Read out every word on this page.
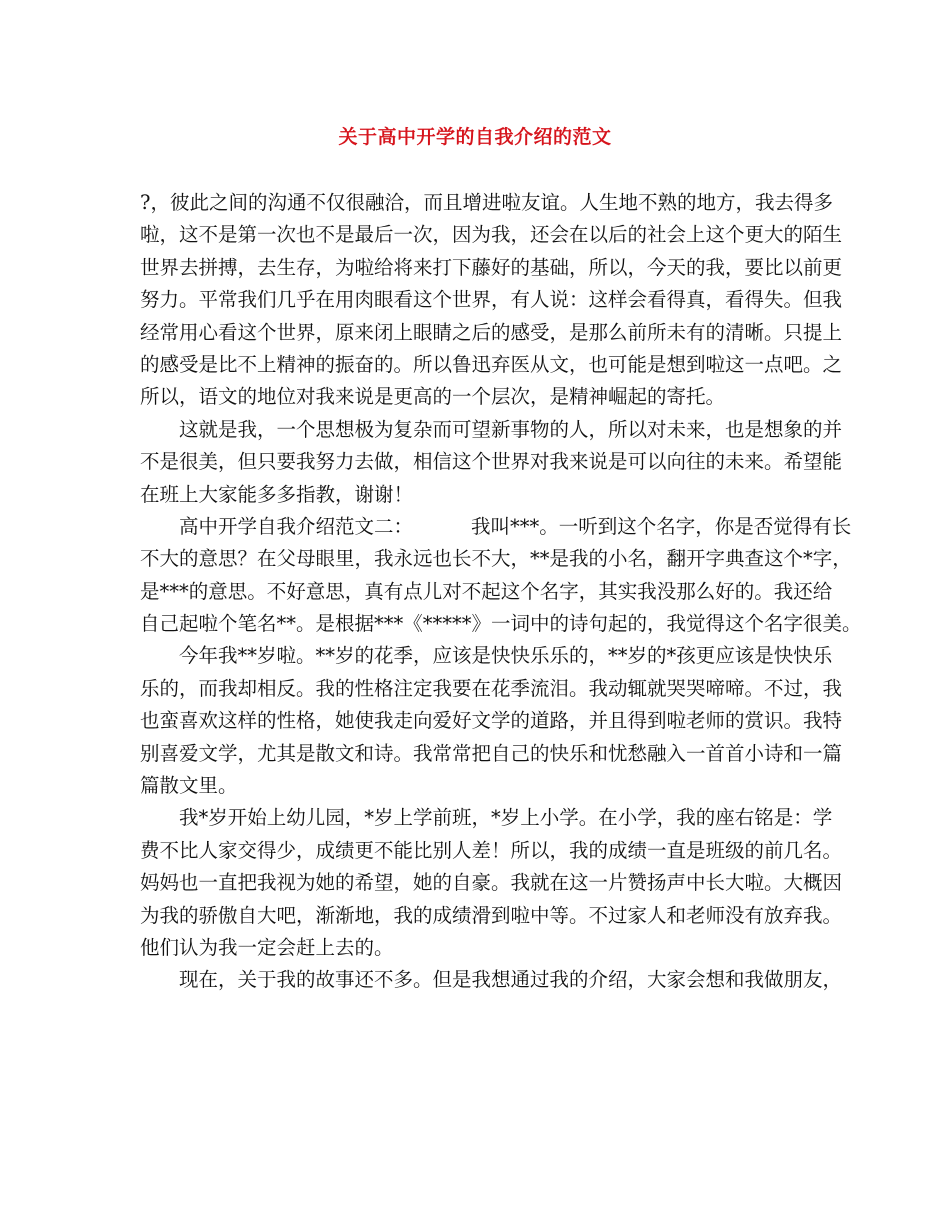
关于高中开学的自我介绍的范文

?，彼此之间的沟通不仅很融洽，而且增进啦友谊。人生地不熟的地方，我去得多
啦，这不是第一次也不是最后一次，因为我，还会在以后的社会上这个更大的陌生
世界去拼搏，去生存，为啦给将来打下藤好的基础，所以，今天的我，要比以前更
努力。平常我们几乎在用肉眼看这个世界，有人说：这样会看得真，看得失。但我
经常用心看这个世界，原来闭上眼睛之后的感受，是那么前所未有的清晰。只提上
的感受是比不上精神的振奋的。所以鲁迅弃医从文，也可能是想到啦这一点吧。之
所以，语文的地位对我来说是更高的一个层次，是精神崛起的寄托。

　　这就是我，一个思想极为复杂而可望新事物的人，所以对未来，也是想象的并
不是很美，但只要我努力去做，相信这个世界对我来说是可以向往的未来。希望能
在班上大家能多多指教，谢谢！

　　高中开学自我介绍范文二：	我叫***。一听到这个名字，你是否觉得有长
不大的意思？在父母眼里，我永远也长不大，**是我的小名，翻开字典查这个*字，
是***的意思。不好意思，真有点儿对不起这个名字，其实我没那么好的。我还给
自己起啦个笔名**。是根据***《*****》一词中的诗句起的，我觉得这个名字很美。

　　今年我**岁啦。**岁的花季，应该是快快乐乐的，**岁的*孩更应该是快快乐
乐的，而我却相反。我的性格注定我要在花季流泪。我动辄就哭哭啼啼。不过，我
也蛮喜欢这样的性格，她使我走向爱好文学的道路，并且得到啦老师的赏识。我特
别喜爱文学，尤其是散文和诗。我常常把自己的快乐和忧愁融入一首首小诗和一篇
篇散文里。

　　我*岁开始上幼儿园，*岁上学前班，*岁上小学。在小学，我的座右铭是：学
费不比人家交得少，成绩更不能比别人差！所以，我的成绩一直是班级的前几名。
妈妈也一直把我视为她的希望，她的自豪。我就在这一片赞扬声中长大啦。大概因
为我的骄傲自大吧，渐渐地，我的成绩滑到啦中等。不过家人和老师没有放弃我。
他们认为我一定会赶上去的。

　　现在，关于我的故事还不多。但是我想通过我的介绍，大家会想和我做朋友，
